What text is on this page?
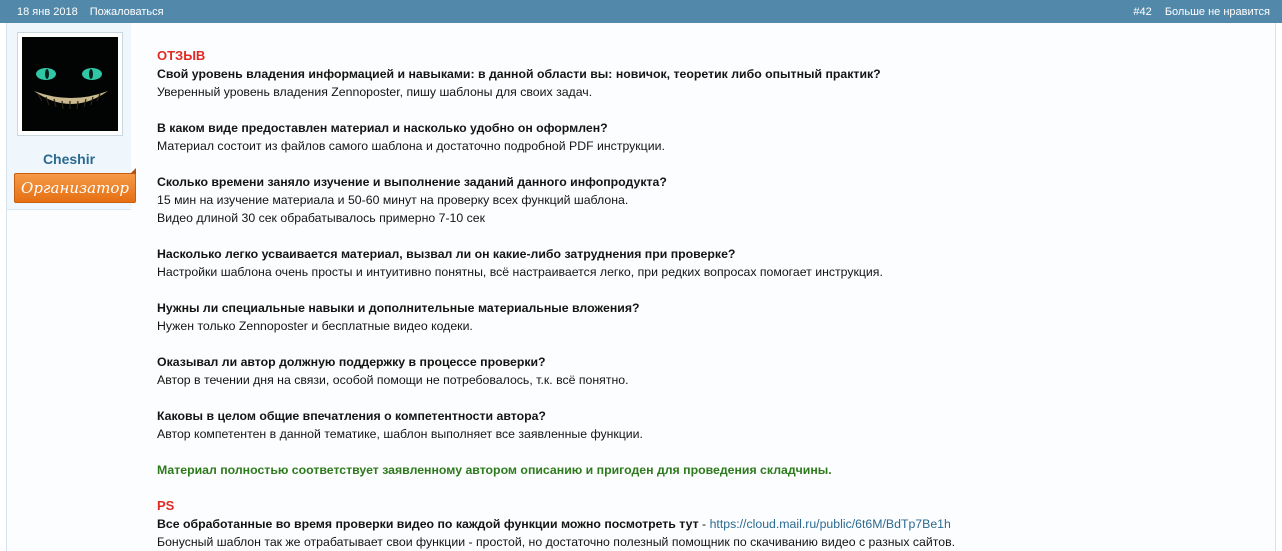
18 янв 2018 Пожаловаться	#42 Больше не нравится
Cheshir
Организатор
ОТЗЫВ
Свой уровень владения информацией и навыками: в данной области вы: новичок, теоретик либо опытный практик?
Уверенный уровень владения Zennoposter, пишу шаблоны для своих задач.
В каком виде предоставлен материал и насколько удобно он оформлен?
Материал состоит из файлов самого шаблона и достаточно подробной PDF инструкции.
Сколько времени заняло изучение и выполнение заданий данного инфопродукта?
15 мин на изучение материала и 50-60 минут на проверку всех функций шаблона.
Видео длиной 30 сек обрабатывалось примерно 7-10 сек
Насколько легко усваивается материал, вызвал ли он какие-либо затруднения при проверке?
Настройки шаблона очень просты и интуитивно понятны, всё настраивается легко, при редких вопросах помогает инструкция.
Нужны ли специальные навыки и дополнительные материальные вложения?
Нужен только Zennoposter и бесплатные видео кодеки.
Оказывал ли автор должную поддержку в процессе проверки?
Автор в течении дня на связи, особой помощи не потребовалось, т.к. всё понятно.
Каковы в целом общие впечатления о компетентности автора?
Автор компетентен в данной тематике, шаблон выполняет все заявленные функции.
Материал полностью соответствует заявленному автором описанию и пригоден для проведения складчины.
PS
Все обработанные во время проверки видео по каждой функции можно посмотреть тут - https://cloud.mail.ru/public/6t6M/BdTp7Be1h
Бонусный шаблон так же отрабатывает свои функции - простой, но достаточно полезный помощник по скачиванию видео с разных сайтов.
